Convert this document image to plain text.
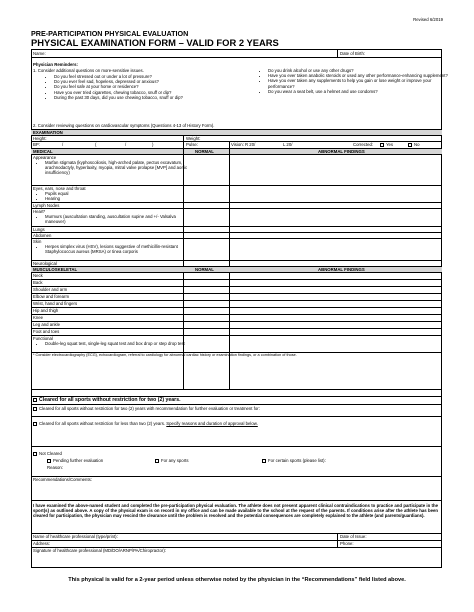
Revised 6/2019
PRE-PARTICIPATION PHYSICAL EVALUATION
PHYSICAL EXAMINATION FORM – VALID FOR 2 YEARS
Name:	Date of Birth:
Physician Reminders:
1. Consider additional questions on more-sensitive issues.
• Do you feel stressed out or under a lot of pressure?
• Do you ever feel sad, hopeless, depressed or anxious?
• Do you feel safe at your home or residence?
• Have you ever tried cigarettes, chewing tobacco, snuff or dip?
• During the past 30 days, did you use chewing tobacco, snuff or dip?
• Do you drink alcohol or use any other drugs?
• Have you ever taken anabolic steroids or used any other performance-enhancing supplement?
• Have you ever taken any supplements to help you gain or lose weight or improve your performance?
• Do you wear a seat belt, use a helmet and use condoms?
2. Consider reviewing questions on cardiovascular symptoms (Questions 4-13 of History Form).
EXAMINATION
Height:	Weight:
BP:	/	(	/	)	Pulse:	Vision: R 20/	L 20/	Corrected:	Yes	No
MEDICAL	NORMAL	ABNORMAL FINDINGS
Appearance
• Marfan stigmata (kyphoscoliosis, high-arched palate, pectus excavatum, arachnodactyly, hyperlaxity, myopia, mitral valve prolapse [MVP] and aortic insufficiency)
Eyes, ears, nose and throat
• Pupils equal
• Hearing
Lymph Nodes
Heart*
• Murmurs (auscultation standing, auscultation supine and +/- Valsalva maneuver)
Lungs
Abdomen
Skin
• Herpes simplex virus (HSV), lesions suggestive of methicillin-resistant Staphylococcus aureus (MRSA) or tinea corporis
Neurological
MUSCULOSKELETAL	NORMAL	ABNORMAL FINDINGS
Neck
Back
Shoulder and arm
Elbow and forearm
Wrist, hand and fingers
Hip and thigh
Knee
Leg and ankle
Foot and toes
Functional
• Double-leg squat test, single-leg squat test and box drop or step drop test
* Consider electrocardiography (ECG), echocardiogram, referral to cardiology for abnormal cardiac history or examination findings, or a combination of those.
Cleared for all sports without restriction for two (2) years.
Cleared for all sports without restriction for two (2) years with recommendation for further evaluation or treatment for:
Cleared for all sports without restriction for less than two (2) years. Specify reasons and duration of approval below.
Not Cleared
Pending further evaluation	For any sports	For certain sports (please list):
Reason:
Recommendations/Comments:
I have examined the above-named student and completed the pre-participation physical evaluation. The athlete does not present apparent clinical contraindications to practice and participate in the sport(s) as outlined above. A copy of the physical exam is on record in my office and can be made available to the school at the request of the parents. If conditions arise after the athlete has been cleared for participation, the physician may rescind the clearance until the problem is resolved and the potential consequences are completely explained to the athlete (and parents/guardians).
Name of healthcare professional (type/print):	Date of Issue:
Address:	Phone:
Signature of healthcare professional (MD/DO/ARNP/PA/Chiropractor):
This physical is valid for a 2-year period unless otherwise noted by the physician in the “Recommendations” field listed above.
